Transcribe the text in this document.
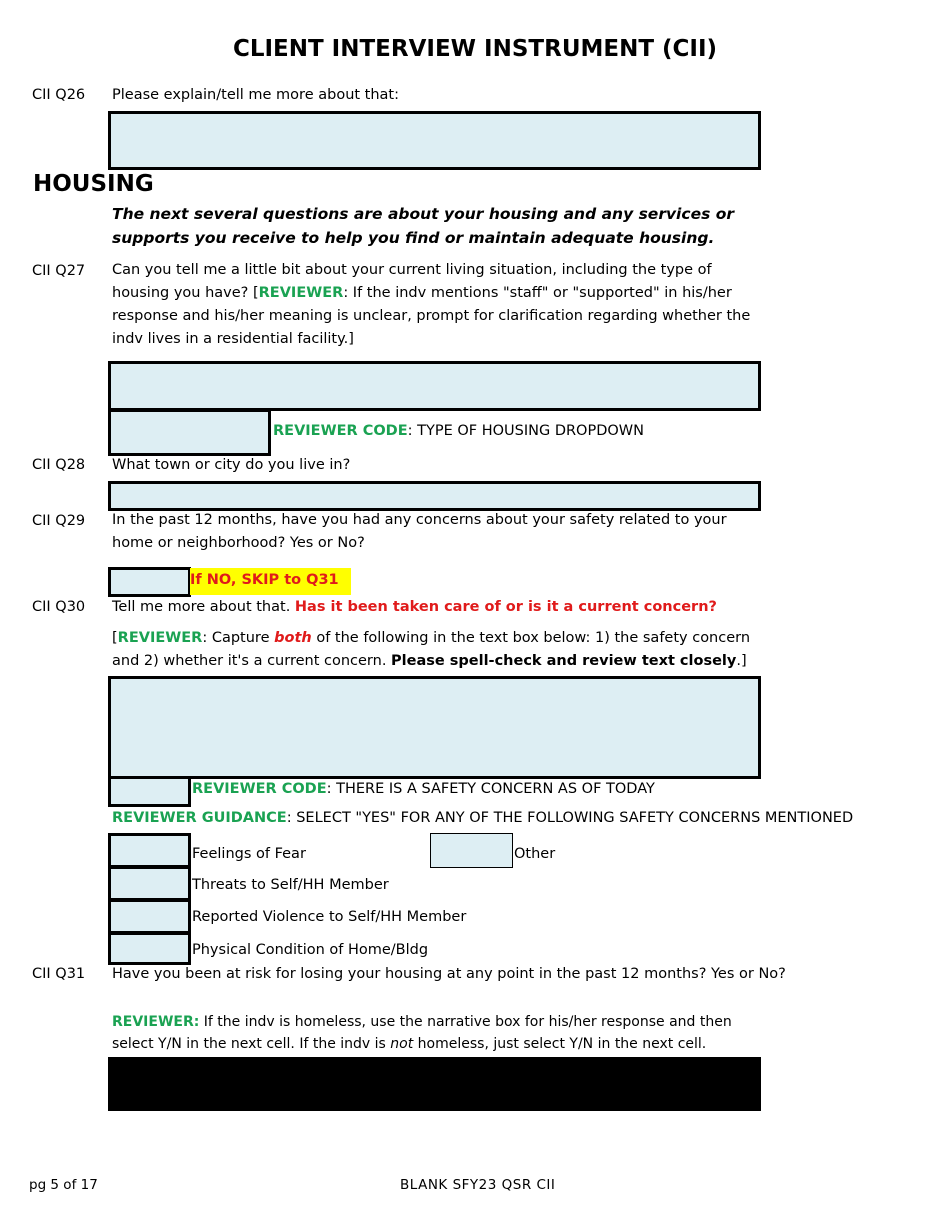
CLIENT INTERVIEW INSTRUMENT (CII)
CII Q26 Please explain/tell me more about that:
HOUSING
The next several questions are about your housing and any services or supports you receive to help you find or maintain adequate housing.
CII Q27 Can you tell me a little bit about your current living situation, including the type of housing you have? [REVIEWER: If the indv mentions "staff" or "supported" in his/her response and his/her meaning is unclear, prompt for clarification regarding whether the indv lives in a residential facility.]
REVIEWER CODE: TYPE OF HOUSING DROPDOWN
CII Q28 What town or city do you live in?
CII Q29 In the past 12 months, have you had any concerns about your safety related to your home or neighborhood? Yes or No?
If NO, SKIP to Q31
CII Q30 Tell me more about that. Has it been taken care of or is it a current concern?
[REVIEWER: Capture both of the following in the text box below: 1) the safety concern and 2) whether it's a current concern. Please spell-check and review text closely.]
REVIEWER CODE: THERE IS A SAFETY CONCERN AS OF TODAY
REVIEWER GUIDANCE: SELECT "YES" FOR ANY OF THE FOLLOWING SAFETY CONCERNS MENTIONED
Feelings of Fear
Threats to Self/HH Member
Reported Violence to Self/HH Member
Physical Condition of Home/Bldg
Other
CII Q31 Have you been at risk for losing your housing at any point in the past 12 months? Yes or No?
REVIEWER: If the indv is homeless, use the narrative box for his/her response and then select Y/N in the next cell. If the indv is not homeless, just select Y/N in the next cell.
pg 5 of 17	BLANK SFY23 QSR CII
